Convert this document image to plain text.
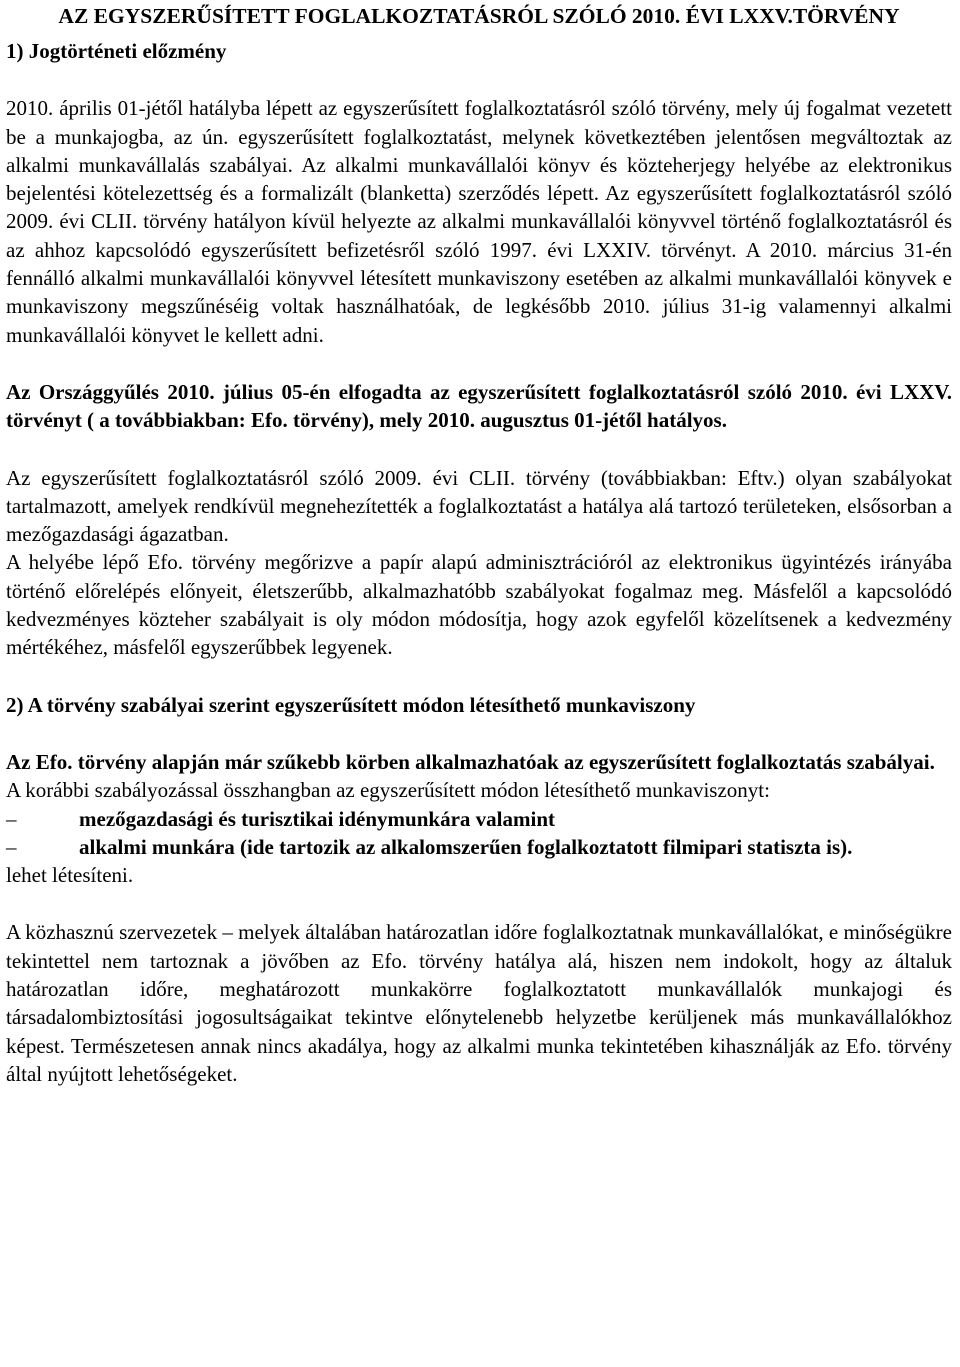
AZ EGYSZERŰSÍTETT FOGLALKOZTATÁSRÓL SZÓLÓ 2010. ÉVI LXXV.TÖRVÉNY

1) Jogtörténeti előzmény

2010. április 01-jétől hatályba lépett az egyszerűsített foglalkoztatásról szóló törvény, mely új fogalmat vezetett be a munkajogba, az ún. egyszerűsített foglalkoztatást, melynek következtében jelentősen megváltoztak az alkalmi munkavállalás szabályai. Az alkalmi munkavállalói könyv és közteherjegy helyébe az elektronikus bejelentési kötelezettség és a formalizált (blanketta) szerződés lépett. Az egyszerűsített foglalkoztatásról szóló 2009. évi CLII. törvény hatályon kívül helyezte az alkalmi munkavállalói könyvvel történő foglalkoztatásról és az ahhoz kapcsolódó egyszerűsített befizetésről szóló 1997. évi LXXIV. törvényt. A 2010. március 31-én fennálló alkalmi munkavállalói könyvvel létesített munkaviszony esetében az alkalmi munkavállalói könyvek e munkaviszony megszűnéséig voltak használhatóak, de legkésőbb 2010. július 31-ig valamennyi alkalmi munkavállalói könyvet le kellett adni.

Az Országgyűlés 2010. július 05-én elfogadta az egyszerűsített foglalkoztatásról szóló 2010. évi LXXV. törvényt ( a továbbiakban: Efo. törvény), mely 2010. augusztus 01-jétől hatályos.

Az egyszerűsített foglalkoztatásról szóló 2009. évi CLII. törvény (továbbiakban: Eftv.) olyan szabályokat tartalmazott, amelyek rendkívül megnehezítették a foglalkoztatást a hatálya alá tartozó területeken, elsősorban a mezőgazdasági ágazatban.

A helyébe lépő Efo. törvény megőrizve a papír alapú adminisztrációról az elektronikus ügyintézés irányába történő előrelépés előnyeit, életszerűbb, alkalmazhatóbb szabályokat fogalmaz meg. Másfelől a kapcsolódó kedvezményes közteher szabályait is oly módon módosítja, hogy azok egyfelől közelítsenek a kedvezmény mértékéhez, másfelől egyszerűbbek legyenek.

2) A törvény szabályai szerint egyszerűsített módon létesíthető munkaviszony

Az Efo. törvény alapján már szűkebb körben alkalmazhatóak az egyszerűsített foglalkoztatás szabályai.

A korábbi szabályozással összhangban az egyszerűsített módon létesíthető munkaviszonyt:

–	mezőgazdasági és turisztikai idénymunkára valamint
–	alkalmi munkára (ide tartozik az alkalomszerűen foglalkoztatott filmipari statiszta is).

lehet létesíteni.

A közhasznú szervezetek – melyek általában határozatlan időre foglalkoztatnak munkavállalókat, e minőségükre tekintettel nem tartoznak a jövőben az Efo. törvény hatálya alá, hiszen nem indokolt, hogy az általuk határozatlan időre, meghatározott munkakörre foglalkoztatott munkavállalók munkajogi és társadalombiztosítási jogosultságaikat tekintve előnytelenebb helyzetbe kerüljenek más munkavállalókhoz képest. Természetesen annak nincs akadálya, hogy az alkalmi munka tekintetében kihasználják az Efo. törvény által nyújtott lehetőségeket.
